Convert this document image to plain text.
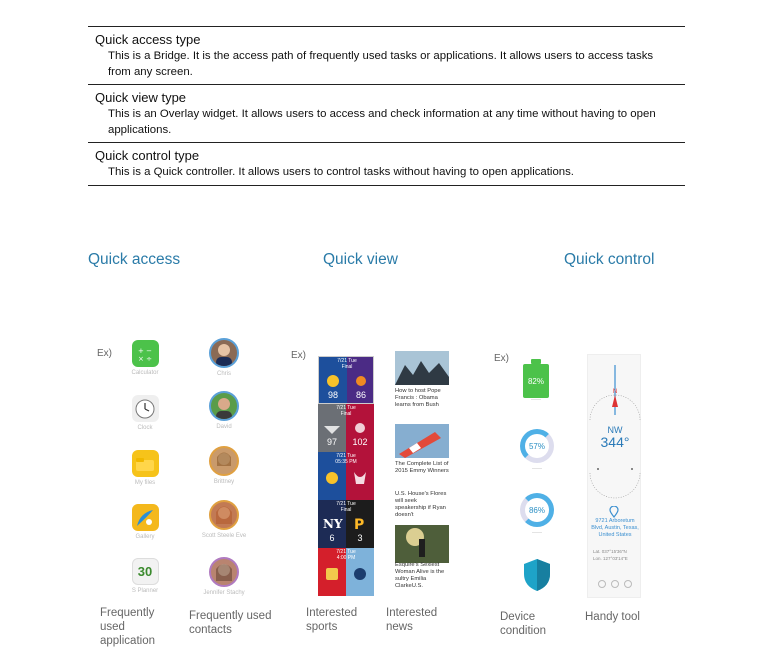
Quick access type
This is a Bridge. It is the access path of frequently used tasks or applications. It allows users to access tasks from any screen.
Quick view type
This is an Overlay widget. It allows users to access and check information at any time without having to open applications.
Quick control type
This is a Quick controller. It allows users to control tasks without having to open applications.
Quick access	Quick view	Quick control
Ex)	Ex)	Ex)
+ −
× ÷
Calculator
Clock
My files
Gallery
30
S Planner
Chris
David
Brittney
Scott Steele Eve
Jennifer Stachy
98	86
7/21 Tue
Final
97	102
7/21 Tue
Final
7/21 Tue
05:35 PM
NY
6
P
3
7/21 Tue
Final
7/21 Tue
4:00 PM
How to host Pope Francis : Obama learns from Bush
The Complete List of 2015 Emmy Winners
U.S. House's Flores will seek speakership if Ryan doesn't
Esquire's Sexiest Woman Alive is the sultry Emilia ClarkeU.S.
82%
——
57%
——
86%
——
N
NW
344°
9721 Arboretum Blvd, Austin, Texas, United States
Lat. 037°15'36"N
Lon. 127°03'14"E
Frequently used application
Frequently used contacts
Interested sports
Interested news
Device condition
Handy tool
